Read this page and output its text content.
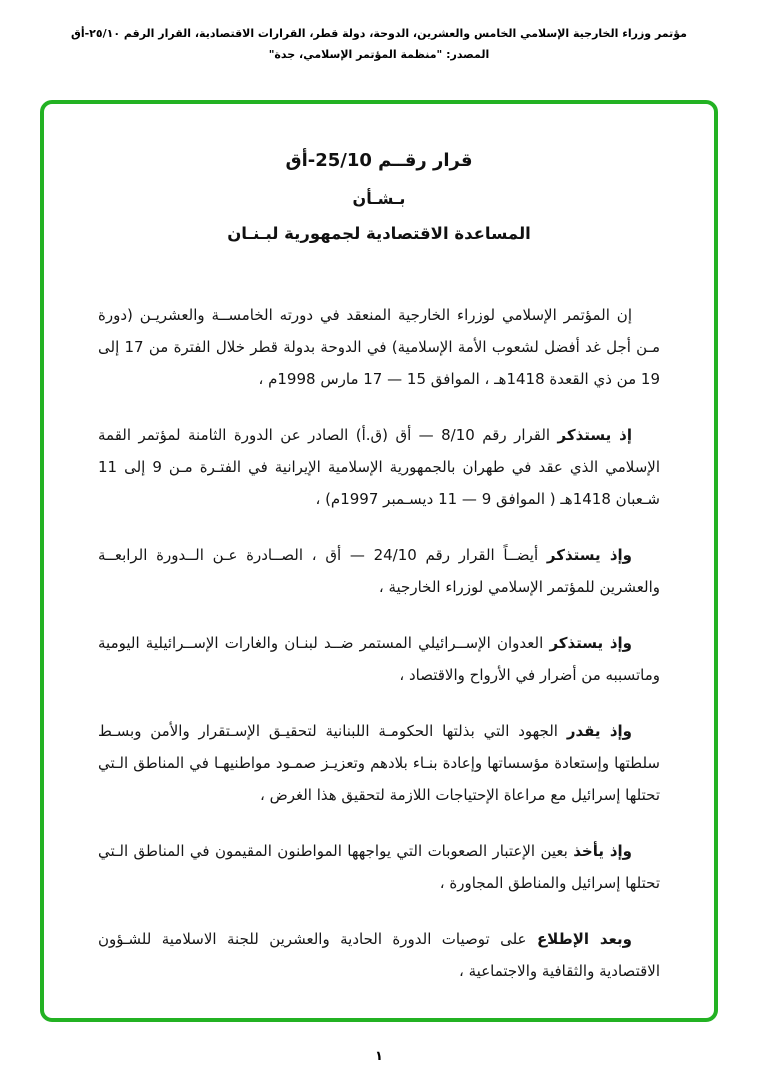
مؤتمر وزراء الخارجية الإسلامي الخامس والعشرين، الدوحة، دولة قطر، القرارات الاقتصادية، القرار الرقم ٢٥/١٠-أق
المصدر: "منظمة المؤتمر الإسلامي، جدة"
قرار رقــم 25/10-أق
بـشـأن
المساعدة الاقتصادية لجمهورية لبـنـان

إن المؤتمر الإسلامي لوزراء الخارجية المنعقد في دورته الخامســة والعشريـن (دورة مـن أجل غد أفضل لشعوب الأمة الإسلامية) في الدوحة بدولة قطر خلال الفترة من 17 إلى 19 من ذي القعدة 1418هـ ، الموافق 15 — 17 مارس 1998م ،

إذ يستذكر القرار رقم 8/10 — أق (ق.أ) الصادر عن الدورة الثامنة لمؤتمر القمة الإسلامي الذي عقد في طهران بالجمهورية الإسلامية الإيرانية في الفتـرة مـن 9 إلى 11 شـعبان 1418هـ ( الموافق 9 — 11 ديسـمبر 1997م) ،

وإذ يستذكر أيضــاً القرار رقم 24/10 — أق ، الصــادرة عـن الــدورة الرابعــة والعشرين للمؤتمر الإسلامي لوزراء الخارجية ،

وإذ يستذكر العدوان الإســرائيلي المستمر ضــد لبنـان والغارات الإســرائيلية اليومية وماتسببه من أضرار في الأرواح والاقتصاد ،

وإذ يقدر الجهود التي بذلتها الحكومـة اللبنانية لتحقيـق الإسـتقرار والأمن وبسـط سلطتها وإستعادة مؤسساتها وإعادة بنـاء بلادهم وتعزيـز صمـود مواطنيهـا في المناطق الـتي تحتلها إسرائيل مع مراعاة الإحتياجات اللازمة لتحقيق هذا الغرض ،

وإذ يأخذ بعين الإعتبار الصعوبات التي يواجهها المواطنون المقيمون في المناطق الـتي تحتلها إسرائيل والمناطق المجاورة ،

وبعد الإطلاع على توصيات الدورة الحادية والعشرين للجنة الاسلامية للشـؤون الاقتصادية والثقافية والاجتماعية ،

١
